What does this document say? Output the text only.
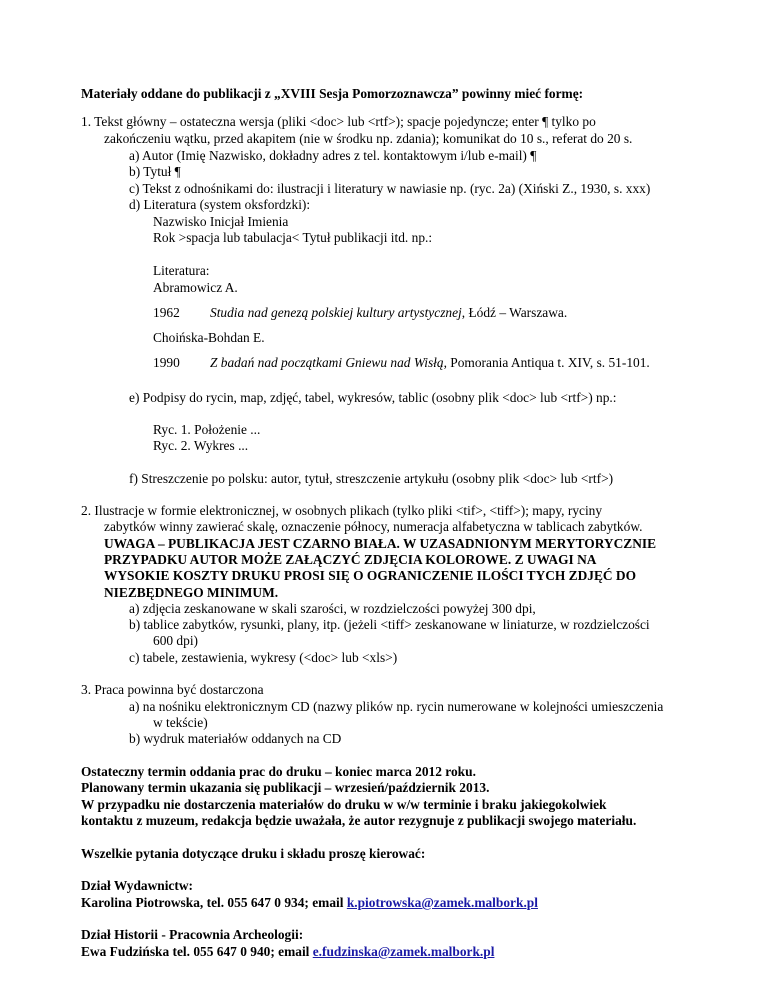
Materiały oddane do publikacji z „XVIII Sesja Pomorzoznawcza” powinny mieć formę:
1. Tekst główny – ostateczna wersja (pliki <doc> lub <rtf>); spacje pojedyncze; enter ¶ tylko po
zakończeniu wątku, przed akapitem (nie w środku np. zdania); komunikat do 10 s., referat do 20 s.
a) Autor (Imię Nazwisko, dokładny adres z tel. kontaktowym i/lub e-mail) ¶
b) Tytuł ¶
c) Tekst z odnośnikami do: ilustracji i literatury w nawiasie np. (ryc. 2a) (Xiński Z., 1930, s. xxx)
d) Literatura (system oksfordzki):
Nazwisko Inicjał Imienia
Rok >spacja lub tabulacja< Tytuł publikacji itd. np.:
Literatura:
Abramowicz A.
1962 Studia nad genezą polskiej kultury artystycznej, Łódź – Warszawa.
Choińska-Bohdan E.
1990 Z badań nad początkami Gniewu nad Wisłą, Pomorania Antiqua t. XIV, s. 51-101.
e) Podpisy do rycin, map, zdjęć, tabel, wykresów, tablic (osobny plik <doc> lub <rtf>) np.:
Ryc. 1. Położenie ...
Ryc. 2. Wykres ...
f) Streszczenie po polsku: autor, tytuł, streszczenie artykułu (osobny plik <doc> lub <rtf>)
2. Ilustracje w formie elektronicznej, w osobnych plikach (tylko pliki <tif>, <tiff>); mapy, ryciny
zabytków winny zawierać skalę, oznaczenie północy, numeracja alfabetyczna w tablicach zabytków.
UWAGA – PUBLIKACJA JEST CZARNO BIAŁA. W UZASADNIONYM MERYTORYCZNIE
PRZYPADKU AUTOR MOŻE ZAŁĄCZYĆ ZDJĘCIA KOLOROWE. Z UWAGI NA
WYSOKIE KOSZTY DRUKU PROSI SIĘ O OGRANICZENIE ILOŚCI TYCH ZDJĘĆ DO
NIEZBĘDNEGO MINIMUM.
a) zdjęcia zeskanowane w skali szarości, w rozdzielczości powyżej 300 dpi,
b) tablice zabytków, rysunki, plany, itp. (jeżeli <tiff> zeskanowane w liniaturze, w rozdzielczości
600 dpi)
c) tabele, zestawienia, wykresy (<doc> lub <xls>)
3. Praca powinna być dostarczona
a) na nośniku elektronicznym CD (nazwy plików np. rycin numerowane w kolejności umieszczenia
w tekście)
b) wydruk materiałów oddanych na CD
Ostateczny termin oddania prac do druku – koniec marca 2012 roku.
Planowany termin ukazania się publikacji – wrzesień/październik 2013.
W przypadku nie dostarczenia materiałów do druku w w/w terminie i braku jakiegokolwiek
kontaktu z muzeum, redakcja będzie uważała, że autor rezygnuje z publikacji swojego materiału.
Wszelkie pytania dotyczące druku i składu proszę kierować:
Dział Wydawnictw:
Karolina Piotrowska, tel. 055 647 0 934; email k.piotrowska@zamek.malbork.pl
Dział Historii - Pracownia Archeologii:
Ewa Fudzińska tel. 055 647 0 940; email e.fudzinska@zamek.malbork.pl
